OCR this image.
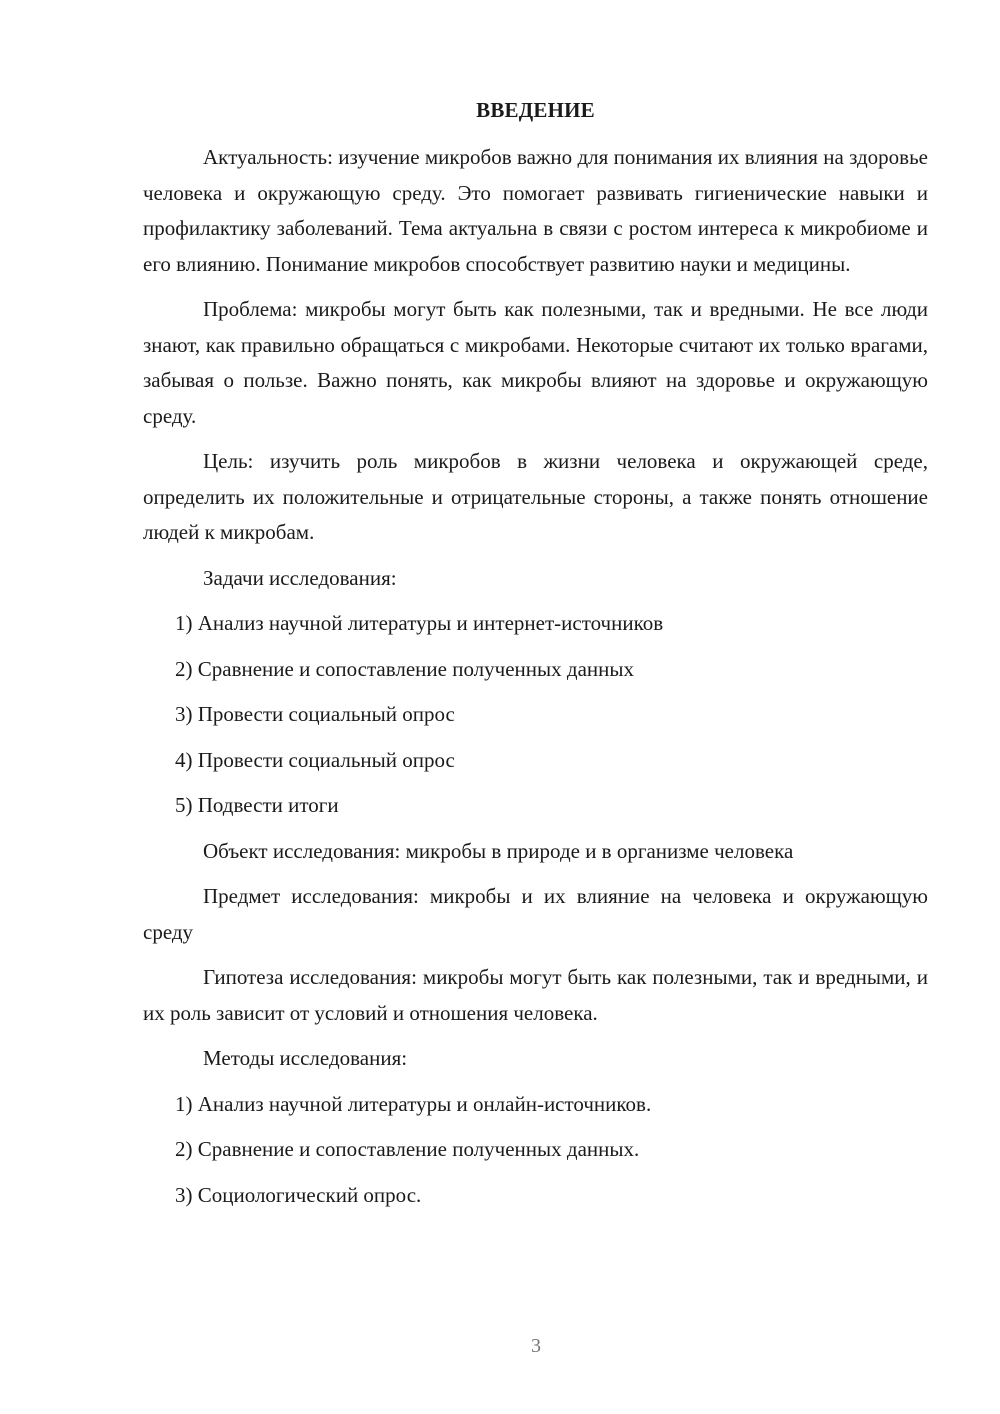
ВВЕДЕНИЕ

Актуальность: изучение микробов важно для понимания их влияния на здоровье человека и окружающую среду. Это помогает развивать гигиенические навыки и профилактику заболеваний. Тема актуальна в связи с ростом интереса к микробиоме и его влиянию. Понимание микробов способствует развитию науки и медицины.

Проблема: микробы могут быть как полезными, так и вредными. Не все люди знают, как правильно обращаться с микробами. Некоторые считают их только врагами, забывая о пользе. Важно понять, как микробы влияют на здоровье и окружающую среду.

Цель: изучить роль микробов в жизни человека и окружающей среде, определить их положительные и отрицательные стороны, а также понять отношение людей к микробам.

Задачи исследования:

1) Анализ научной литературы и интернет-источников
2) Сравнение и сопоставление полученных данных
3) Провести социальный опрос
4) Провести социальный опрос
5) Подвести итоги

Объект исследования: микробы в природе и в организме человека

Предмет исследования: микробы и их влияние на человека и окружающую среду

Гипотеза исследования: микробы могут быть как полезными, так и вредными, и их роль зависит от условий и отношения человека.

Методы исследования:

1) Анализ научной литературы и онлайн-источников.
2) Сравнение и сопоставление полученных данных.
3) Социологический опрос.
3
